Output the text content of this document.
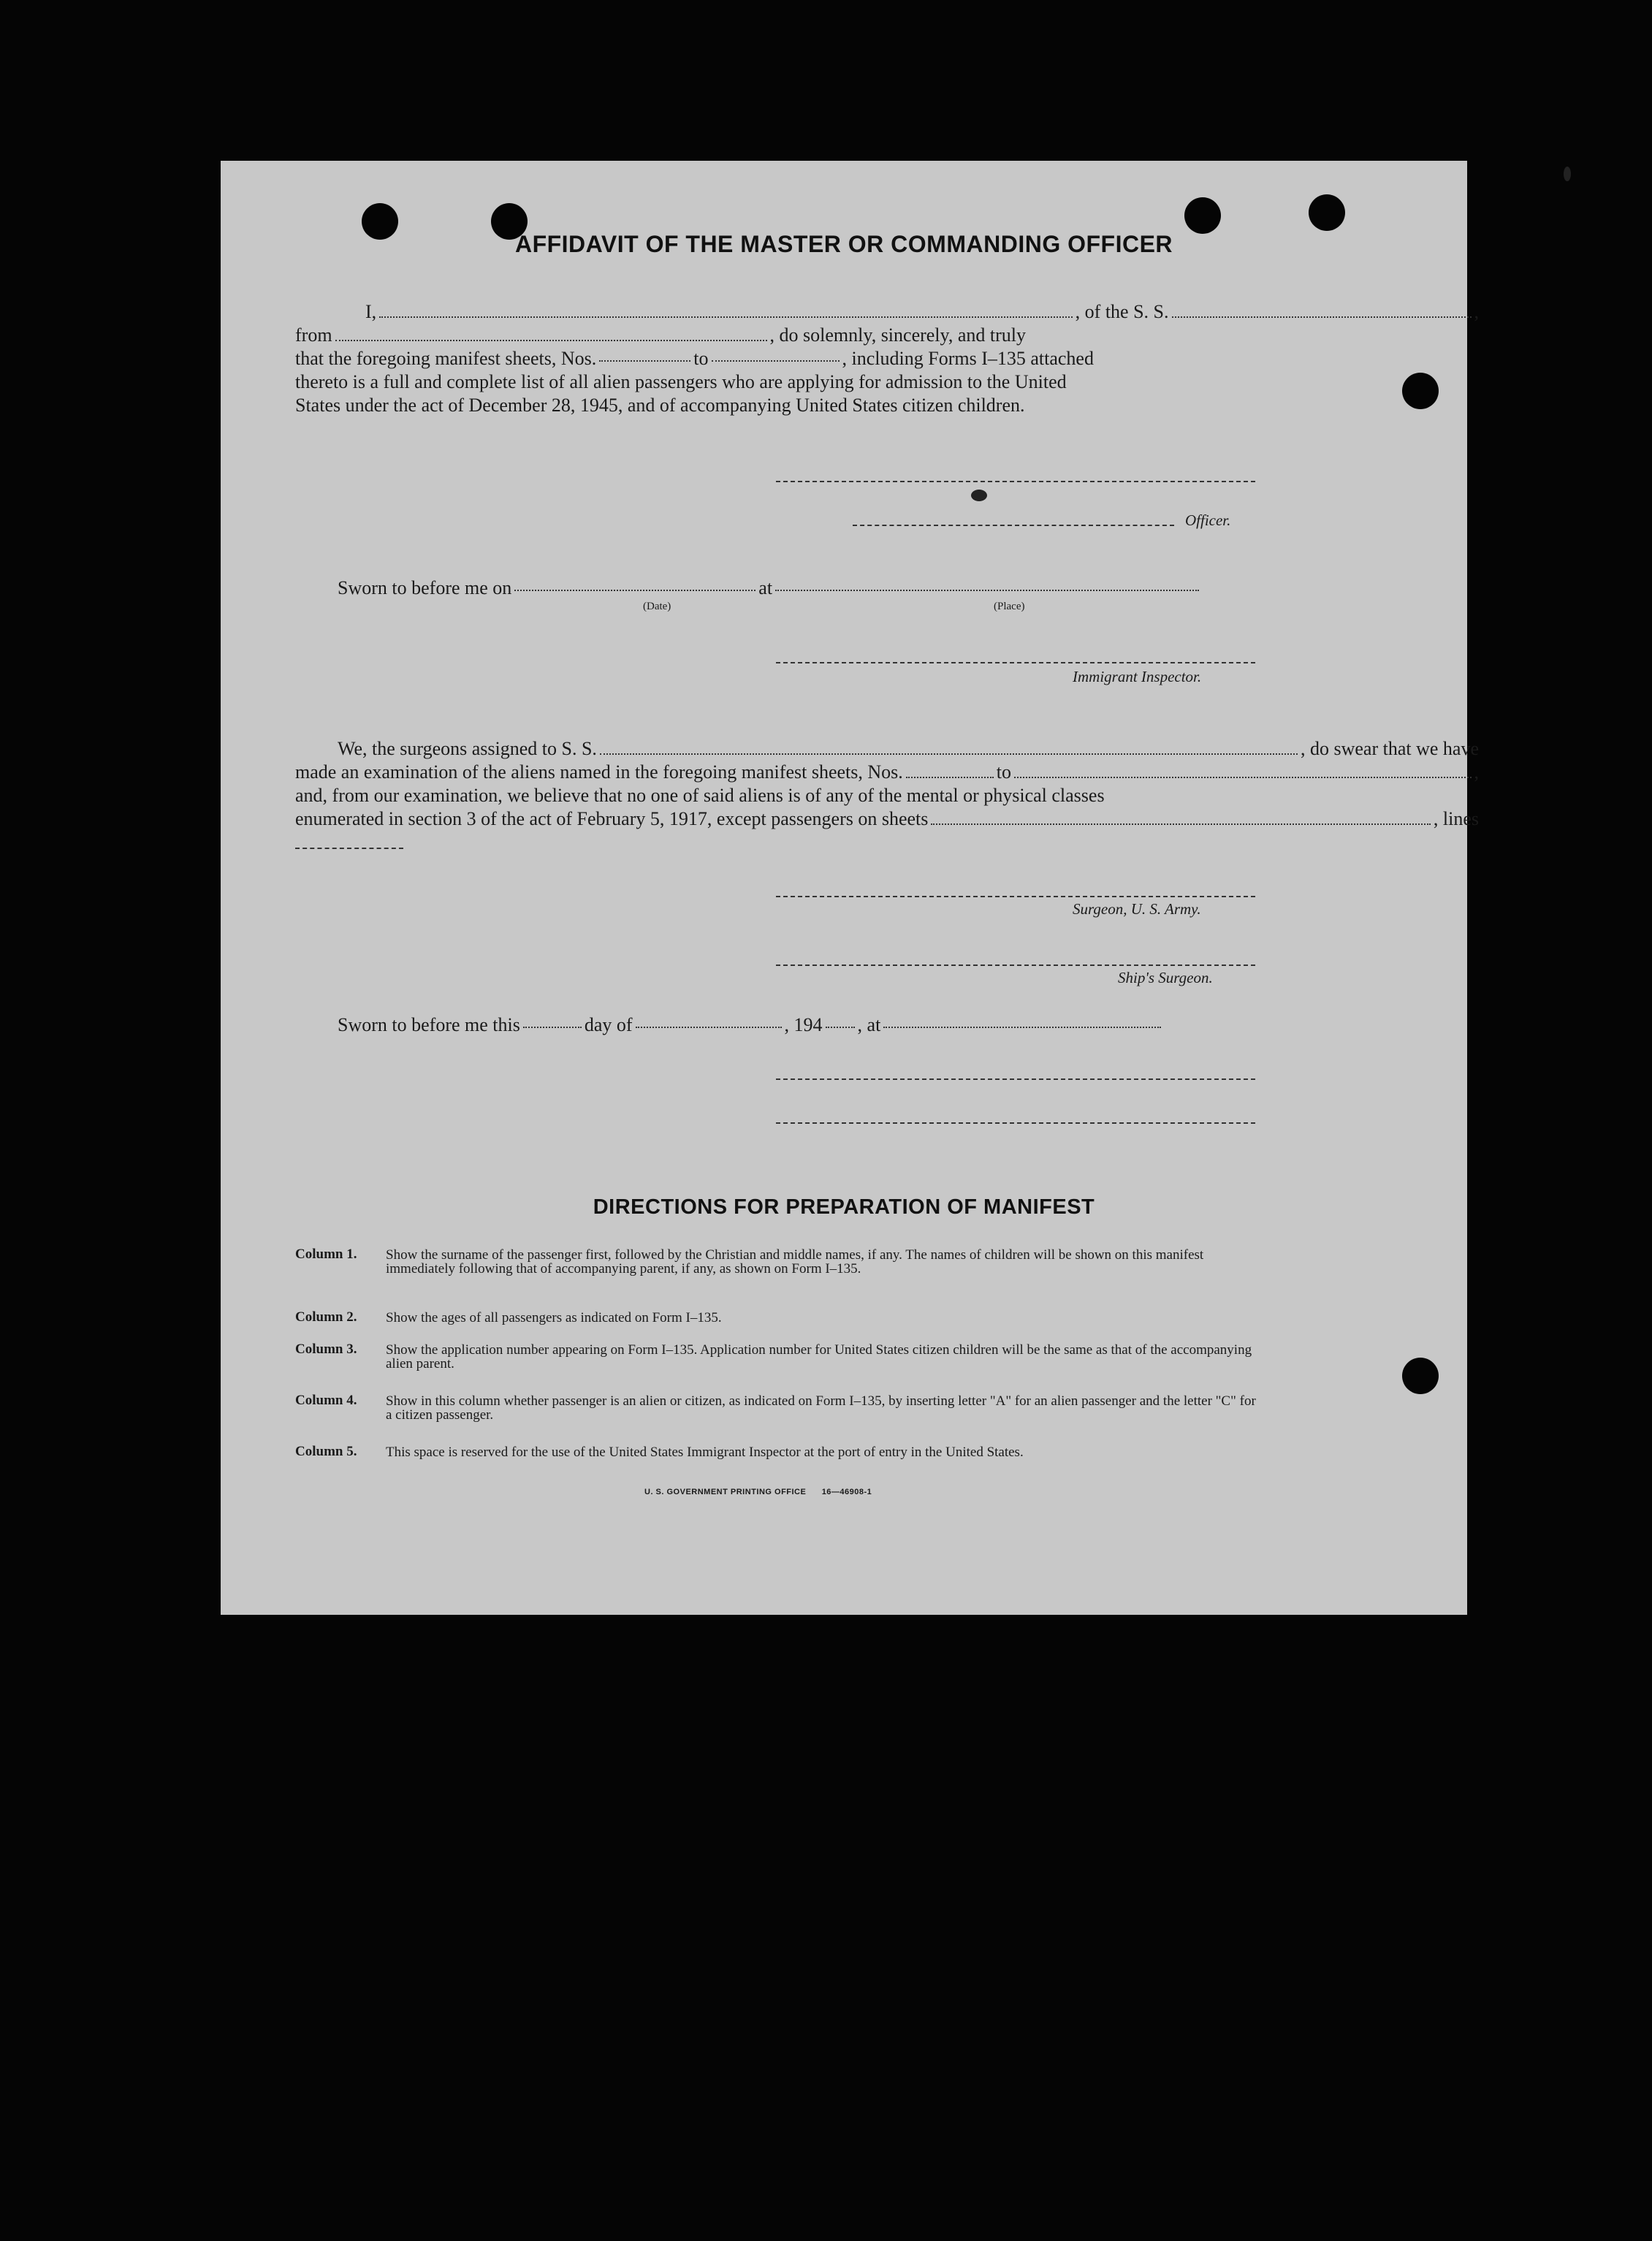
AFFIDAVIT OF THE MASTER OR COMMANDING OFFICER
I,	, of the S. S.	,
from	, do solemnly, sincerely, and truly
that the foregoing manifest sheets, Nos.	to	, including Forms I–135 attached
thereto is a full and complete list of all alien passengers who are applying for admission to the United
States under the act of December 28, 1945, and of accompanying United States citizen children.
Officer.
Sworn to before me on	at
(Date)	(Place)
Immigrant Inspector.
We, the surgeons assigned to S. S.	, do swear that we have
made an examination of the aliens named in the foregoing manifest sheets, Nos.	to	,
and, from our examination, we believe that no one of said aliens is of any of the mental or physical classes
enumerated in section 3 of the act of February 5, 1917, except passengers on sheets	, lines
Surgeon, U. S. Army.
Ship's Surgeon.
Sworn to before me this	day of	, 194 , at
DIRECTIONS FOR PREPARATION OF MANIFEST
Column 1. Show the surname of the passenger first, followed by the Christian and middle names, if any. The names of children will be shown on this manifest immediately following that of accompanying parent, if any, as shown on Form I–135.
Column 2. Show the ages of all passengers as indicated on Form I–135.
Column 3. Show the application number appearing on Form I–135. Application number for United States citizen children will be the same as that of the accompanying alien parent.
Column 4. Show in this column whether passenger is an alien or citizen, as indicated on Form I–135, by inserting letter "A" for an alien passenger and the letter "C" for a citizen passenger.
Column 5. This space is reserved for the use of the United States Immigrant Inspector at the port of entry in the United States.
U. S. GOVERNMENT PRINTING OFFICE 16—46908-1
